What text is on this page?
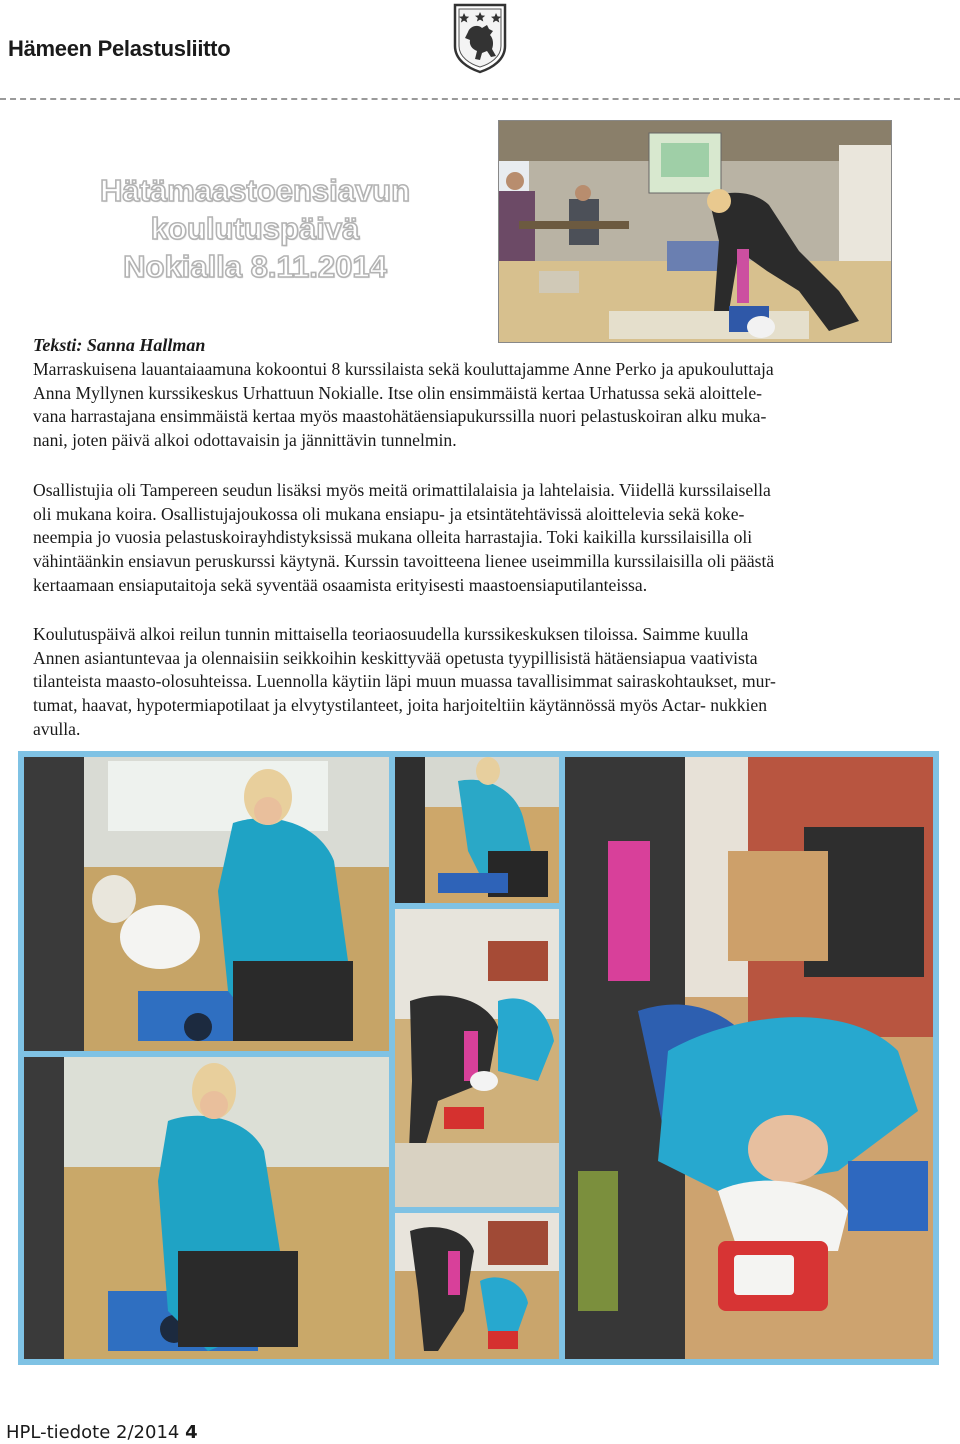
Hämeen Pelastusliitto
Hätämaastoensiavun
koulutuspäivä
Nokialla 8.11.2014
Teksti: Sanna Hallman
Marraskuisena lauantaiaamuna kokoontui 8 kurssilaista sekä kouluttajamme Anne Perko ja apukouluttaja
Anna Myllynen kurssikeskus Urhattuun Nokialle. Itse olin ensimmäistä kertaa Urhatussa sekä aloittele-
vana harrastajana ensimmäistä kertaa myös maastohätäensiapukurssilla nuori pelastuskoiran alku muka-
nani, joten päivä alkoi odottavaisin ja jännittävin tunnelmin.
Osallistujia oli Tampereen seudun lisäksi myös meitä orimattilalaisia ja lahtelaisia. Viidellä kurssilaisella
oli mukana koira. Osallistujajoukossa oli mukana ensiapu- ja etsintätehtävissä aloittelevia sekä koke-
neempia jo vuosia pelastuskoirayhdistyksissä mukana olleita harrastajia. Toki kaikilla kurssilaisilla oli
vähintäänkin ensiavun peruskurssi käytynä. Kurssin tavoitteena lienee useimmilla kurssilaisilla oli päästä
kertaamaan ensiaputaitoja sekä syventää osaamista erityisesti maastoensiaputilanteissa.
Koulutuspäivä alkoi reilun tunnin mittaisella teoriaosuudella kurssikeskuksen tiloissa. Saimme kuulla
Annen asiantuntevaa ja olennaisiin seikkoihin keskittyvää opetusta tyypillisistä hätäensiapua vaativista
tilanteista maasto-olosuhteissa. Luennolla käytiin läpi muun muassa tavallisimmat sairaskohtaukset, mur-
tumat, haavat, hypotermiapotilaat ja elvytystilanteet, joita harjoiteltiin käytännössä myös Actar- nukkien
avulla.
HPL-tiedote 2/2014 4
